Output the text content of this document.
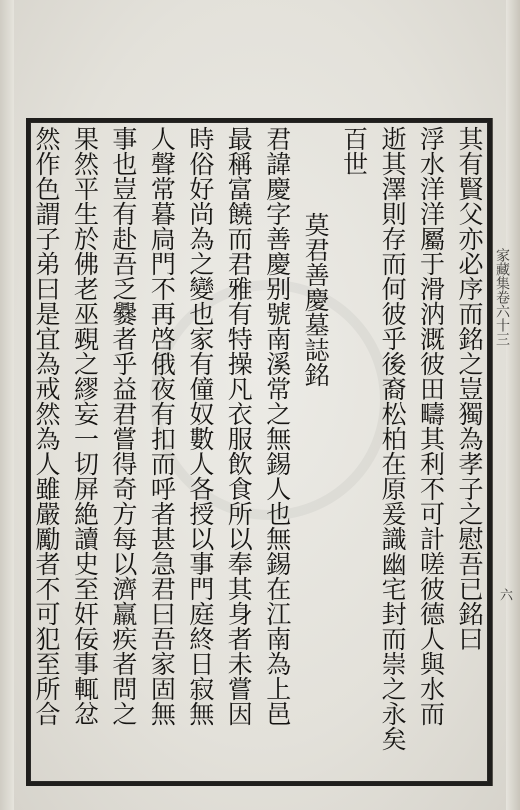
家藏集卷六十三
六
其有賢父亦必序而銘之豈獨為孝子之慰吾已銘曰
浮水洋洋屬于滑汭溉彼田疇其利不可計嗟彼德人與水而
逝其澤則存而何彼乎後裔松柏在原爰識幽宅封而崇之永矣
百世
莫君善慶墓誌銘
君諱慶字善慶别號南溪常之無錫人也無錫在江南為上邑
最稱富饒而君雅有特操凡衣服飲食所以奉其身者未嘗因
時俗好尚為之變也家有僮奴數人各授以事門庭終日寂無
人聲常暮扃門不再啓俄夜有扣而呼者甚急君曰吾家固無
事也豈有赴吾乏爨者乎益君嘗得奇方每以濟羸疾者問之
果然平生於佛老巫覡之繆妄一切屏絶讀史至奸佞事輒忿
然作色謂子弟曰是宜為戒然為人雖嚴勵者不可犯至所合
